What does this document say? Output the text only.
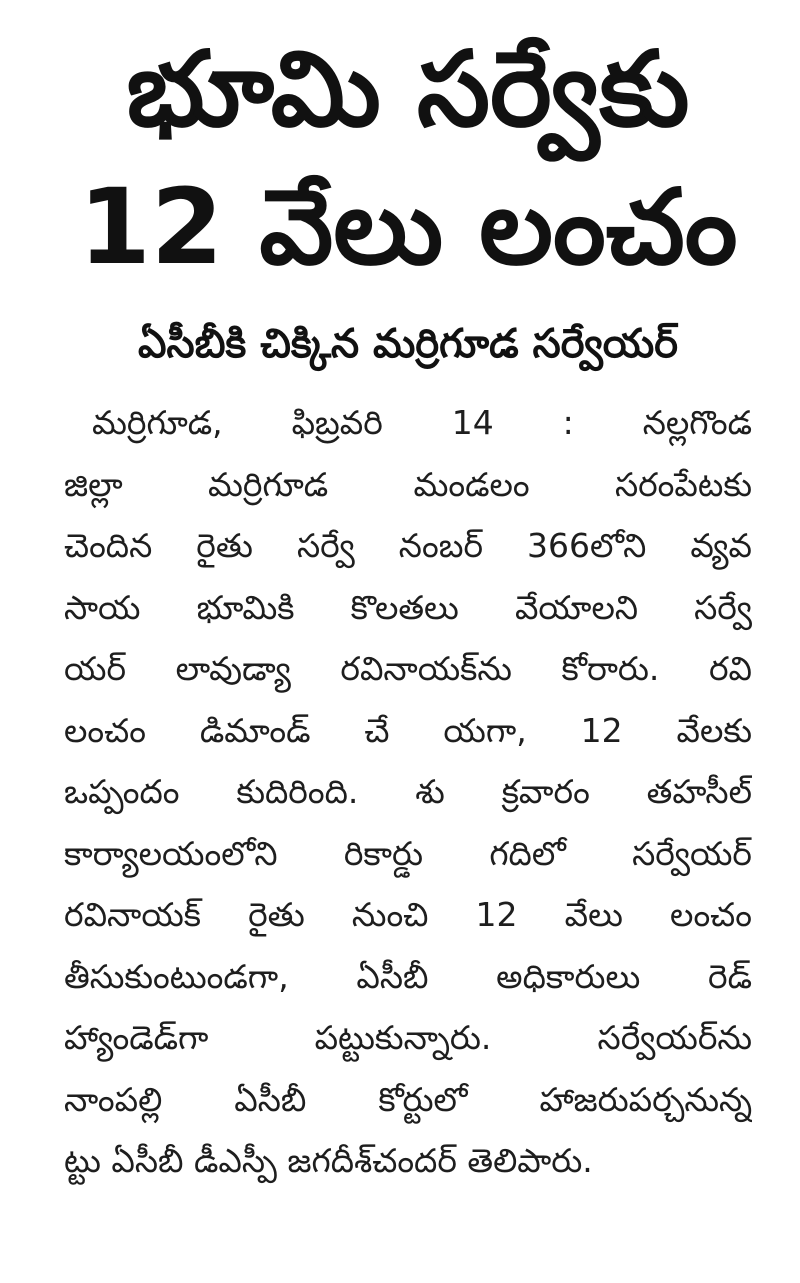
భూమి సర్వేకు
12 వేలు లంచం
ఏసీబీకి చిక్కిన మర్రిగూడ సర్వేయర్
మర్రిగూడ, ఫిబ్రవరి 14 : నల్లగొండ
జిల్లా మర్రిగూడ మండలం సరంపేటకు
చెందిన రైతు సర్వే నంబర్ 366లోని వ్యవ
సాయ భూమికి కొలతలు వేయాలని సర్వే
యర్ లావుడ్యా రవినాయక్‌ను కోరారు. రవి
లంచం డిమాండ్ చే యగా, 12 వేలకు
ఒప్పందం కుదిరింది. శు క్రవారం తహసీల్
కార్యాలయంలోని రికార్డు గదిలో సర్వేయర్
రవినాయక్ రైతు నుంచి 12 వేలు లంచం
తీసుకుంటుండగా, ఏసీబీ అధికారులు రెడ్
హ్యాండెడ్‌గా పట్టుకున్నారు. సర్వేయర్‌ను
నాంపల్లి ఏసీబీ కోర్టులో హాజరుపర్చనున్న
ట్టు ఏసీబీ డీఎస్పీ జగదీశ్‌చందర్ తెలిపారు.
